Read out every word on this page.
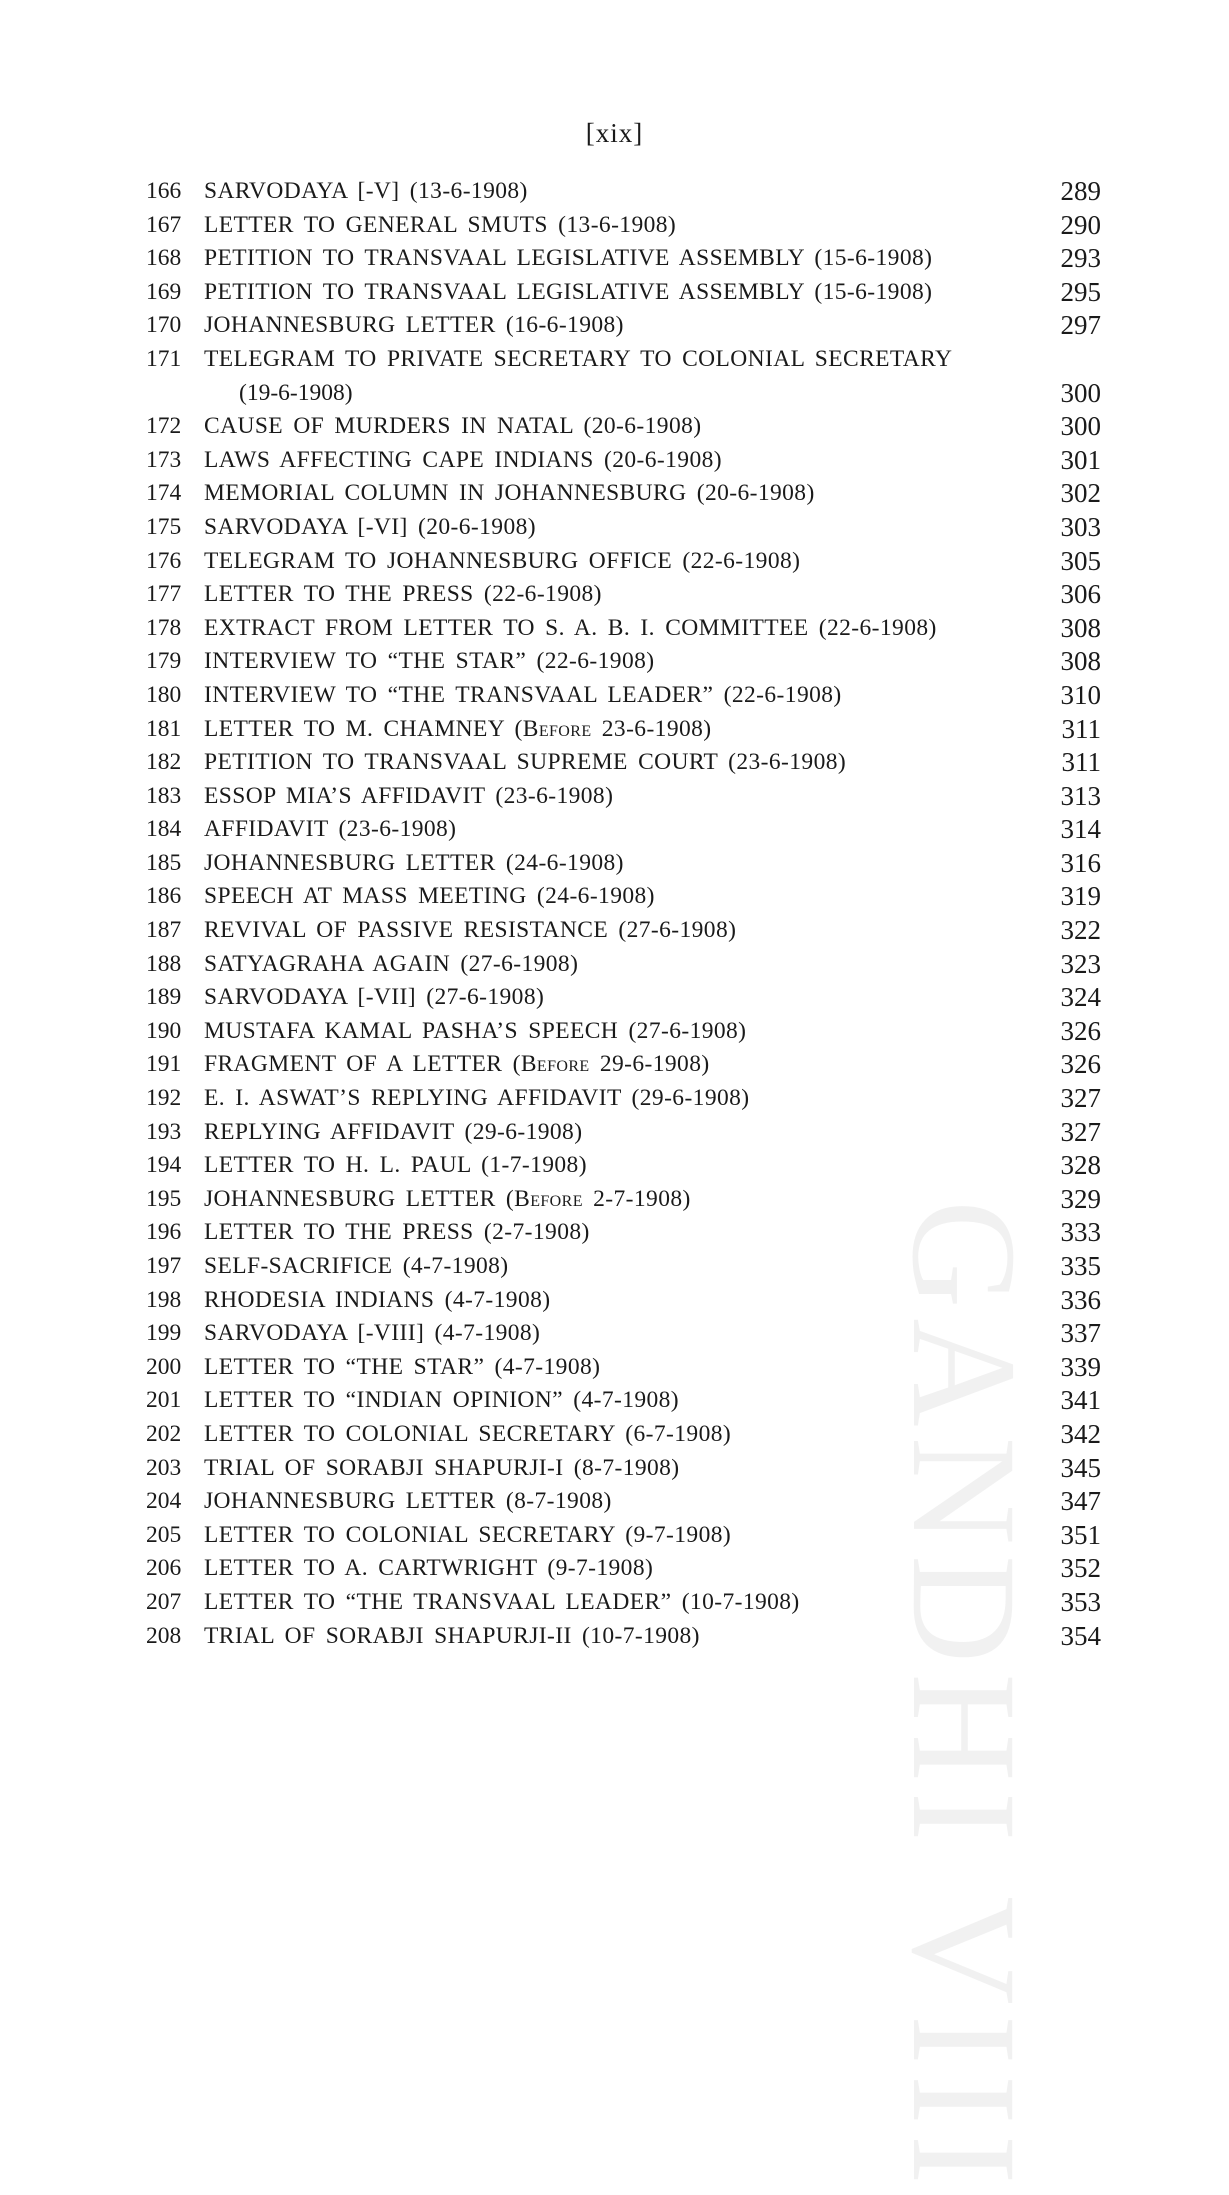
GANDHI VIII
[xix]
166 SARVODAYA [-V] (13-6-1908)	289
167 LETTER TO GENERAL SMUTS (13-6-1908)	290
168 PETITION TO TRANSVAAL LEGISLATIVE ASSEMBLY (15-6-1908)	293
169 PETITION TO TRANSVAAL LEGISLATIVE ASSEMBLY (15-6-1908)	295
170 JOHANNESBURG LETTER (16-6-1908)	297
171 TELEGRAM TO PRIVATE SECRETARY TO COLONIAL SECRETARY
(19-6-1908)	300
172 CAUSE OF MURDERS IN NATAL (20-6-1908)	300
173 LAWS AFFECTING CAPE INDIANS (20-6-1908)	301
174 MEMORIAL COLUMN IN JOHANNESBURG (20-6-1908)	302
175 SARVODAYA [-VI] (20-6-1908)	303
176 TELEGRAM TO JOHANNESBURG OFFICE (22-6-1908)	305
177 LETTER TO THE PRESS (22-6-1908)	306
178 EXTRACT FROM LETTER TO S. A. B. I. COMMITTEE (22-6-1908)	308
179 INTERVIEW TO “THE STAR” (22-6-1908)	308
180 INTERVIEW TO “THE TRANSVAAL LEADER” (22-6-1908)	310
181 LETTER TO M. CHAMNEY (Before 23-6-1908)	311
182 PETITION TO TRANSVAAL SUPREME COURT (23-6-1908)	311
183 ESSOP MIA’S AFFIDAVIT (23-6-1908)	313
184 AFFIDAVIT (23-6-1908)	314
185 JOHANNESBURG LETTER (24-6-1908)	316
186 SPEECH AT MASS MEETING (24-6-1908)	319
187 REVIVAL OF PASSIVE RESISTANCE (27-6-1908)	322
188 SATYAGRAHA AGAIN (27-6-1908)	323
189 SARVODAYA [-VII] (27-6-1908)	324
190 MUSTAFA KAMAL PASHA’S SPEECH (27-6-1908)	326
191 FRAGMENT OF A LETTER (Before 29-6-1908)	326
192 E. I. ASWAT’S REPLYING AFFIDAVIT (29-6-1908)	327
193 REPLYING AFFIDAVIT (29-6-1908)	327
194 LETTER TO H. L. PAUL (1-7-1908)	328
195 JOHANNESBURG LETTER (Before 2-7-1908)	329
196 LETTER TO THE PRESS (2-7-1908)	333
197 SELF-SACRIFICE (4-7-1908)	335
198 RHODESIA INDIANS (4-7-1908)	336
199 SARVODAYA [-VIII] (4-7-1908)	337
200 LETTER TO “THE STAR” (4-7-1908)	339
201 LETTER TO “INDIAN OPINION” (4-7-1908)	341
202 LETTER TO COLONIAL SECRETARY (6-7-1908)	342
203 TRIAL OF SORABJI SHAPURJI-I (8-7-1908)	345
204 JOHANNESBURG LETTER (8-7-1908)	347
205 LETTER TO COLONIAL SECRETARY (9-7-1908)	351
206 LETTER TO A. CARTWRIGHT (9-7-1908)	352
207 LETTER TO “THE TRANSVAAL LEADER” (10-7-1908)	353
208 TRIAL OF SORABJI SHAPURJI-II (10-7-1908)	354
